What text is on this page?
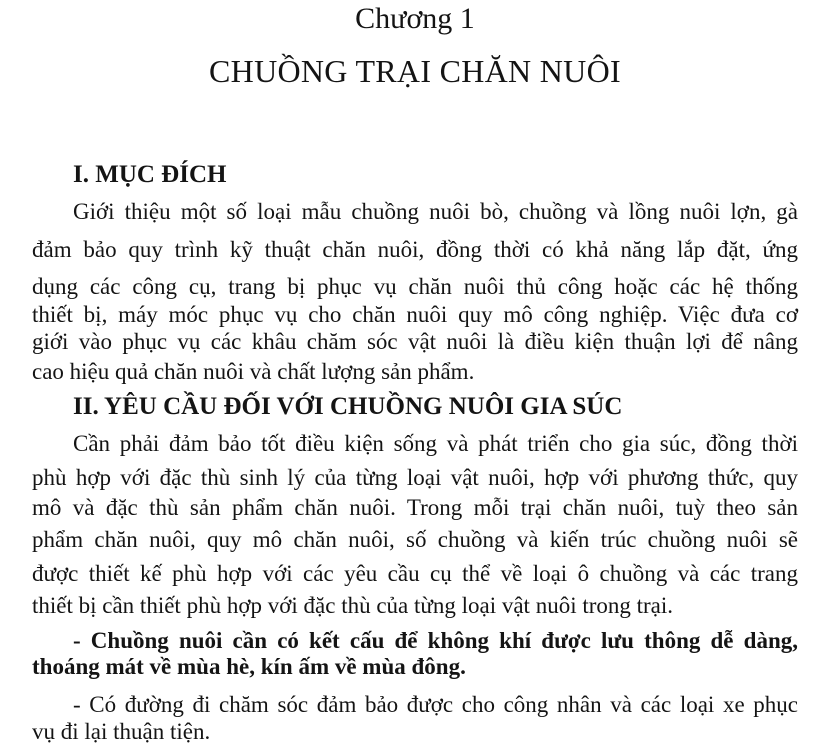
Chương 1
CHUỒNG TRẠI CHĂN NUÔI
I. MỤC ĐÍCH
Giới thiệu một số loại mẫu chuồng nuôi bò, chuồng và lồng nuôi lợn, gà
đảm bảo quy trình kỹ thuật chăn nuôi, đồng thời có khả năng lắp đặt, ứng
dụng các công cụ, trang bị phục vụ chăn nuôi thủ công hoặc các hệ thống
thiết bị, máy móc phục vụ cho chăn nuôi quy mô công nghiệp. Việc đưa cơ
giới vào phục vụ các khâu chăm sóc vật nuôi là điều kiện thuận lợi để nâng
cao hiệu quả chăn nuôi và chất lượng sản phẩm.
II. YÊU CẦU ĐỐI VỚI CHUỒNG NUÔI GIA SÚC
Cần phải đảm bảo tốt điều kiện sống và phát triển cho gia súc, đồng thời
phù hợp với đặc thù sinh lý của từng loại vật nuôi, hợp với phương thức, quy
mô và đặc thù sản phẩm chăn nuôi. Trong mỗi trại chăn nuôi, tuỳ theo sản
phẩm chăn nuôi, quy mô chăn nuôi, số chuồng và kiến trúc chuồng nuôi sẽ
được thiết kế phù hợp với các yêu cầu cụ thể về loại ô chuồng và các trang
thiết bị cần thiết phù hợp với đặc thù của từng loại vật nuôi trong trại.
- Chuồng nuôi cần có kết cấu để không khí được lưu thông dễ dàng,
thoáng mát về mùa hè, kín ấm về mùa đông.
- Có đường đi chăm sóc đảm bảo được cho công nhân và các loại xe phục
vụ đi lại thuận tiện.
